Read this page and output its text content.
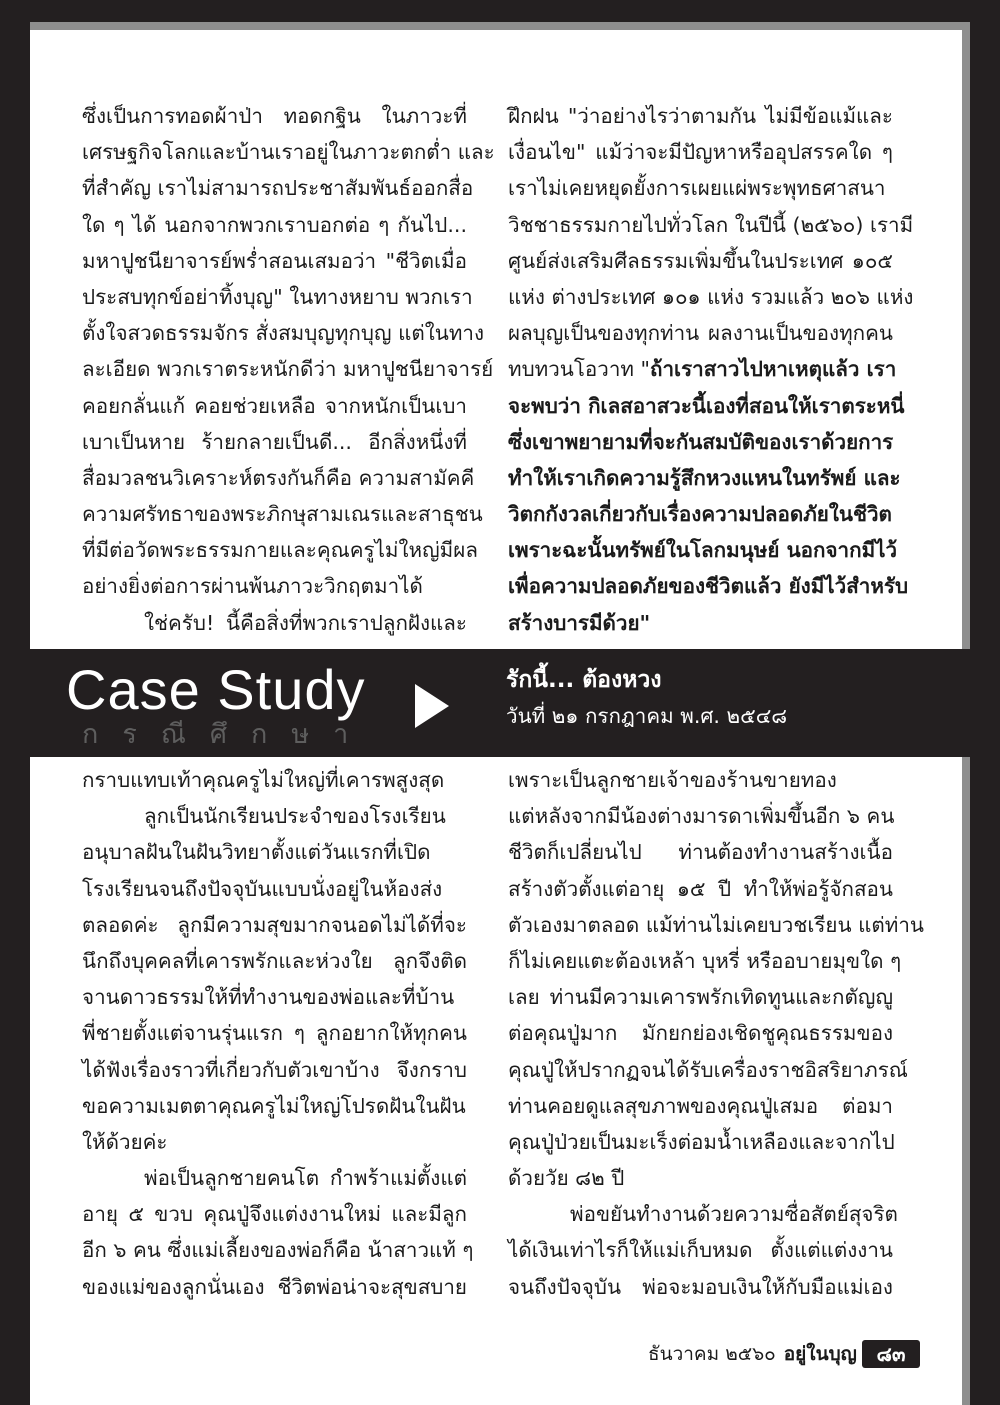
ซึ่งเป็นการทอดผ้าป่า ทอดกฐิน ในภาวะที่
เศรษฐกิจโลกและบ้านเราอยู่ในภาวะตกต่ำ และ
ที่สำคัญ เราไม่สามารถประชาสัมพันธ์ออกสื่อ
ใด ๆ ได้ นอกจากพวกเราบอกต่อ ๆ กันไป...
มหาปูชนียาจารย์พร่ำสอนเสมอว่า "ชีวิตเมื่อ
ประสบทุกข์อย่าทิ้งบุญ" ในทางหยาบ พวกเรา
ตั้งใจสวดธรรมจักร สั่งสมบุญทุกบุญ แต่ในทาง
ละเอียด พวกเราตระหนักดีว่า มหาปูชนียาจารย์
คอยกลั่นแก้ คอยช่วยเหลือ จากหนักเป็นเบา
เบาเป็นหาย ร้ายกลายเป็นดี... อีกสิ่งหนึ่งที่
สื่อมวลชนวิเคราะห์ตรงกันก็คือ ความสามัคคี
ความศรัทธาของพระภิกษุสามเณรและสาธุชน
ที่มีต่อวัดพระธรรมกายและคุณครูไม่ใหญ่มีผล
อย่างยิ่งต่อการผ่านพ้นภาวะวิกฤตมาได้
ใช่ครับ! นี้คือสิ่งที่พวกเราปลูกฝังและ
ฝึกฝน "ว่าอย่างไรว่าตามกัน ไม่มีข้อแม้และ
เงื่อนไข" แม้ว่าจะมีปัญหาหรืออุปสรรคใด ๆ
เราไม่เคยหยุดยั้งการเผยแผ่พระพุทธศาสนา
วิชชาธรรมกายไปทั่วโลก ในปีนี้ (๒๕๖๐) เรามี
ศูนย์ส่งเสริมศีลธรรมเพิ่มขึ้นในประเทศ ๑๐๕
แห่ง ต่างประเทศ ๑๐๑ แห่ง รวมแล้ว ๒๐๖ แห่ง
ผลบุญเป็นของทุกท่าน ผลงานเป็นของทุกคน
ทบทวนโอวาท "ถ้าเราสาวไปหาเหตุแล้ว เรา
จะพบว่า กิเลสอาสวะนี้เองที่สอนให้เราตระหนี่
ซึ่งเขาพยายามที่จะกันสมบัติของเราด้วยการ
ทำให้เราเกิดความรู้สึกหวงแหนในทรัพย์ และ
วิตกกังวลเกี่ยวกับเรื่องความปลอดภัยในชีวิต
เพราะฉะนั้นทรัพย์ในโลกมนุษย์ นอกจากมีไว้
เพื่อความปลอดภัยของชีวิตแล้ว ยังมีไว้สำหรับ
สร้างบารมีด้วย"
Case Study
กรณีศึกษา
รักนี้... ต้องหวง
วันที่ ๒๑ กรกฎาคม พ.ศ. ๒๕๔๘
กราบแทบเท้าคุณครูไม่ใหญ่ที่เคารพสูงสุด
ลูกเป็นนักเรียนประจำของโรงเรียน
อนุบาลฝันในฝันวิทยาตั้งแต่วันแรกที่เปิด
โรงเรียนจนถึงปัจจุบันแบบนั่งอยู่ในห้องส่ง
ตลอดค่ะ ลูกมีความสุขมากจนอดไม่ได้ที่จะ
นึกถึงบุคคลที่เคารพรักและห่วงใย ลูกจึงติด
จานดาวธรรมให้ที่ทำงานของพ่อและที่บ้าน
พี่ชายตั้งแต่จานรุ่นแรก ๆ ลูกอยากให้ทุกคน
ได้ฟังเรื่องราวที่เกี่ยวกับตัวเขาบ้าง จึงกราบ
ขอความเมตตาคุณครูไม่ใหญ่โปรดฝันในฝัน
ให้ด้วยค่ะ
พ่อเป็นลูกชายคนโต กำพร้าแม่ตั้งแต่
อายุ ๕ ขวบ คุณปู่จึงแต่งงานใหม่ และมีลูก
อีก ๖ คน ซึ่งแม่เลี้ยงของพ่อก็คือ น้าสาวแท้ ๆ
ของแม่ของลูกนั่นเอง ชีวิตพ่อน่าจะสุขสบาย
เพราะเป็นลูกชายเจ้าของร้านขายทอง
แต่หลังจากมีน้องต่างมารดาเพิ่มขึ้นอีก ๖ คน
ชีวิตก็เปลี่ยนไป ท่านต้องทำงานสร้างเนื้อ
สร้างตัวตั้งแต่อายุ ๑๕ ปี ทำให้พ่อรู้จักสอน
ตัวเองมาตลอด แม้ท่านไม่เคยบวชเรียน แต่ท่าน
ก็ไม่เคยแตะต้องเหล้า บุหรี่ หรืออบายมุขใด ๆ
เลย ท่านมีความเคารพรักเทิดทูนและกตัญญู
ต่อคุณปู่มาก มักยกย่องเชิดชูคุณธรรมของ
คุณปู่ให้ปรากฏจนได้รับเครื่องราชอิสริยาภรณ์
ท่านคอยดูแลสุขภาพของคุณปู่เสมอ ต่อมา
คุณปู่ป่วยเป็นมะเร็งต่อมน้ำเหลืองและจากไป
ด้วยวัย ๘๒ ปี
พ่อขยันทำงานด้วยความซื่อสัตย์สุจริต
ได้เงินเท่าไรก็ให้แม่เก็บหมด ตั้งแต่แต่งงาน
จนถึงปัจจุบัน พ่อจะมอบเงินให้กับมือแม่เอง
ธันวาคม ๒๕๖๐ อยู่ในบุญ ๘๓
